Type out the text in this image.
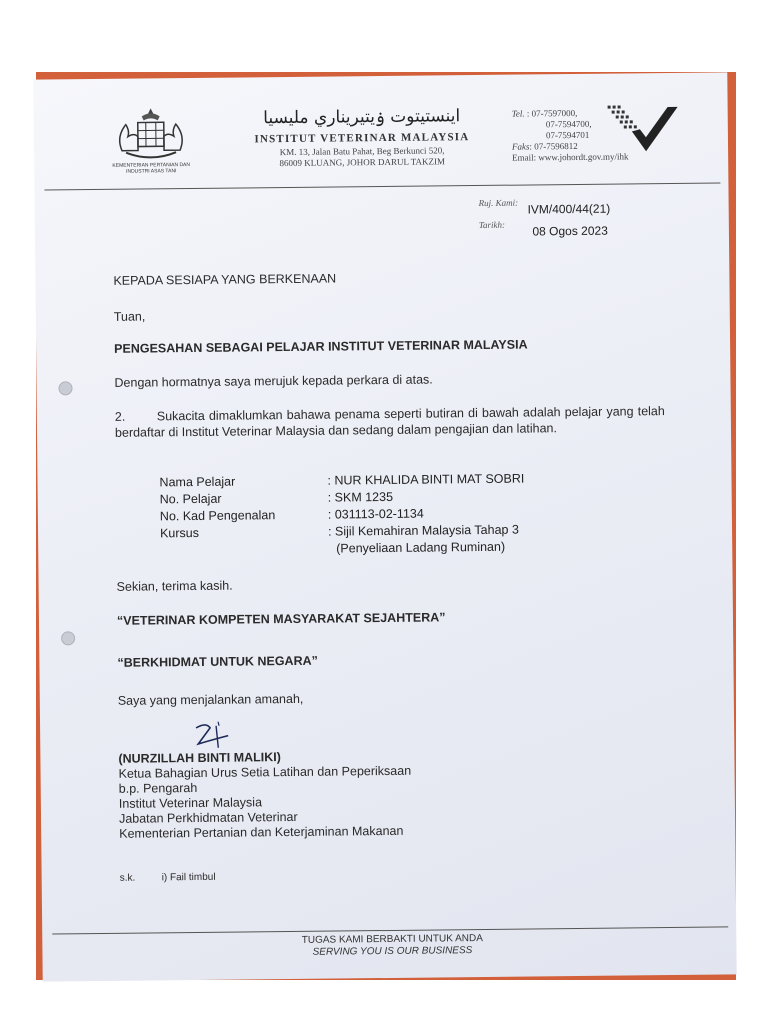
KEMENTERIAN PERTANIAN DAN INDUSTRI ASAS TANI
اينستيتوت ۏيتيريناري مليسيا
INSTITUT VETERINAR MALAYSIA
KM. 13, Jalan Batu Pahat, Beg Berkunci 520,
86009 KLUANG, JOHOR DARUL TAKZIM
Tel. : 07-7597000,
07-7594700,
07-7594701
Faks: 07-7596812
Email: www.johordt.gov.my/ihk
Ruj. Kami: IVM/400/44(21)
Tarikh: 08 Ogos 2023
KEPADA SESIAPA YANG BERKENAAN
Tuan,
PENGESAHAN SEBAGAI PELAJAR INSTITUT VETERINAR MALAYSIA
Dengan hormatnya saya merujuk kepada perkara di atas.
2.	Sukacita dimaklumkan bahawa penama seperti butiran di bawah adalah pelajar yang telah berdaftar di Institut Veterinar Malaysia dan sedang dalam pengajian dan latihan.
Nama Pelajar	: NUR KHALIDA BINTI MAT SOBRI
No. Pelajar	: SKM 1235
No. Kad Pengenalan	: 031113-02-1134
Kursus	: Sijil Kemahiran Malaysia Tahap 3
	(Penyeliaan Ladang Ruminan)
Sekian, terima kasih.
“VETERINAR KOMPETEN MASYARAKAT SEJAHTERA”
“BERKHIDMAT UNTUK NEGARA”
Saya yang menjalankan amanah,
(NURZILLAH BINTI MALIKI)
Ketua Bahagian Urus Setia Latihan dan Peperiksaan
b.p. Pengarah
Institut Veterinar Malaysia
Jabatan Perkhidmatan Veterinar
Kementerian Pertanian dan Keterjaminan Makanan
s.k.	i) Fail timbul
TUGAS KAMI BERBAKTI UNTUK ANDA
SERVING YOU IS OUR BUSINESS
